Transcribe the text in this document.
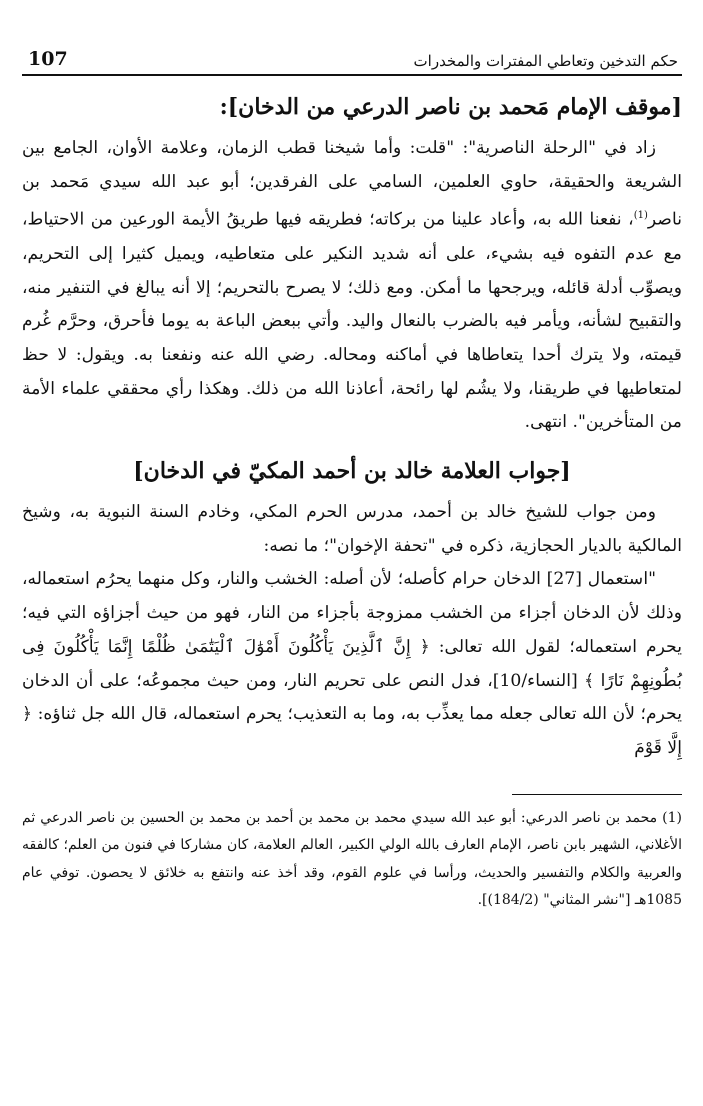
107	حكم التدخين وتعاطي المفترات والمخدرات
[موقف الإمام مَحمد بن ناصر الدرعي من الدخان]:

زاد في "الرحلة الناصرية": "قلت: وأما شيخنا قطب الزمان، وعلامة الأوان، الجامع بين الشريعة والحقيقة، حاوي العلمين، السامي على الفرقدين؛ أبو عبد الله سيدي مَحمد بن ناصر$^{(1)}$، نفعنا الله به، وأعاد علينا من بركاته؛ فطريقه فيها طريقُ الأيمة الورعين من الاحتياط، مع عدم التفوه فيه بشيء، على أنه شديد النكير على متعاطيه، ويميل كثيرا إلى التحريم، ويصوِّب أدلة قائله، ويرجحها ما أمكن. ومع ذلك؛ لا يصرح بالتحريم؛ إلا أنه يبالغ في التنفير منه، والتقبيح لشأنه، ويأمر فيه بالضرب بالنعال واليد. وأتي ببعض الباعة به يوما فأحرق، وحرَّم غُرم قيمته، ولا يترك أحدا يتعاطاها في أماكنه ومحاله. رضي الله عنه ونفعنا به. ويقول: لا حظ لمتعاطيها في طريقنا، ولا يشُم لها رائحة، أعاذنا الله من ذلك. وهكذا رأي محققي علماء الأمة من المتأخرين". انتهى.

[جواب العلامة خالد بن أحمد المكيّ في الدخان]

ومن جواب للشيخ خالد بن أحمد، مدرس الحرم المكي، وخادم السنة النبوية به، وشيخ المالكية بالديار الحجازية، ذكره في "تحفة الإخوان"؛ ما نصه:

"استعمال [27] الدخان حرام كأصله؛ لأن أصله: الخشب والنار، وكل منهما يحرُم استعماله، وذلك لأن الدخان أجزاء من الخشب ممزوجة بأجزاء من النار، فهو من حيث أجزاؤه التي فيه؛ يحرم استعماله؛ لقول الله تعالى: ﴿ إِنَّ ٱلَّذِينَ يَأْكُلُونَ أَمْوَٰلَ ٱلْيَتَٰمَىٰ ظُلْمًا إِنَّمَا يَأْكُلُونَ فِى بُطُونِهِمْ نَارًا ﴾ [النساء/10]، فدل النص على تحريم النار، ومن حيث مجموعُه؛ على أن الدخان يحرم؛ لأن الله تعالى جعله مما يعذِّب به، وما به التعذيب؛ يحرم استعماله، قال الله جل ثناؤه: ﴿ إِلَّا قَوْمَ

(1) محمد بن ناصر الدرعي: أبو عبد الله سيدي محمد بن محمد بن أحمد بن محمد بن الحسين بن ناصر الدرعي ثم الأغلاني، الشهير بابن ناصر، الإمام العارف بالله الولي الكبير، العالم العلامة، كان مشاركا في فنون من العلم؛ كالفقه والعربية والكلام والتفسير والحديث، ورأسا في علوم القوم، وقد أخذ عنه وانتفع به خلائق لا يحصون. توفي عام 1085هـ ["نشر المثاني" (184/2)].
